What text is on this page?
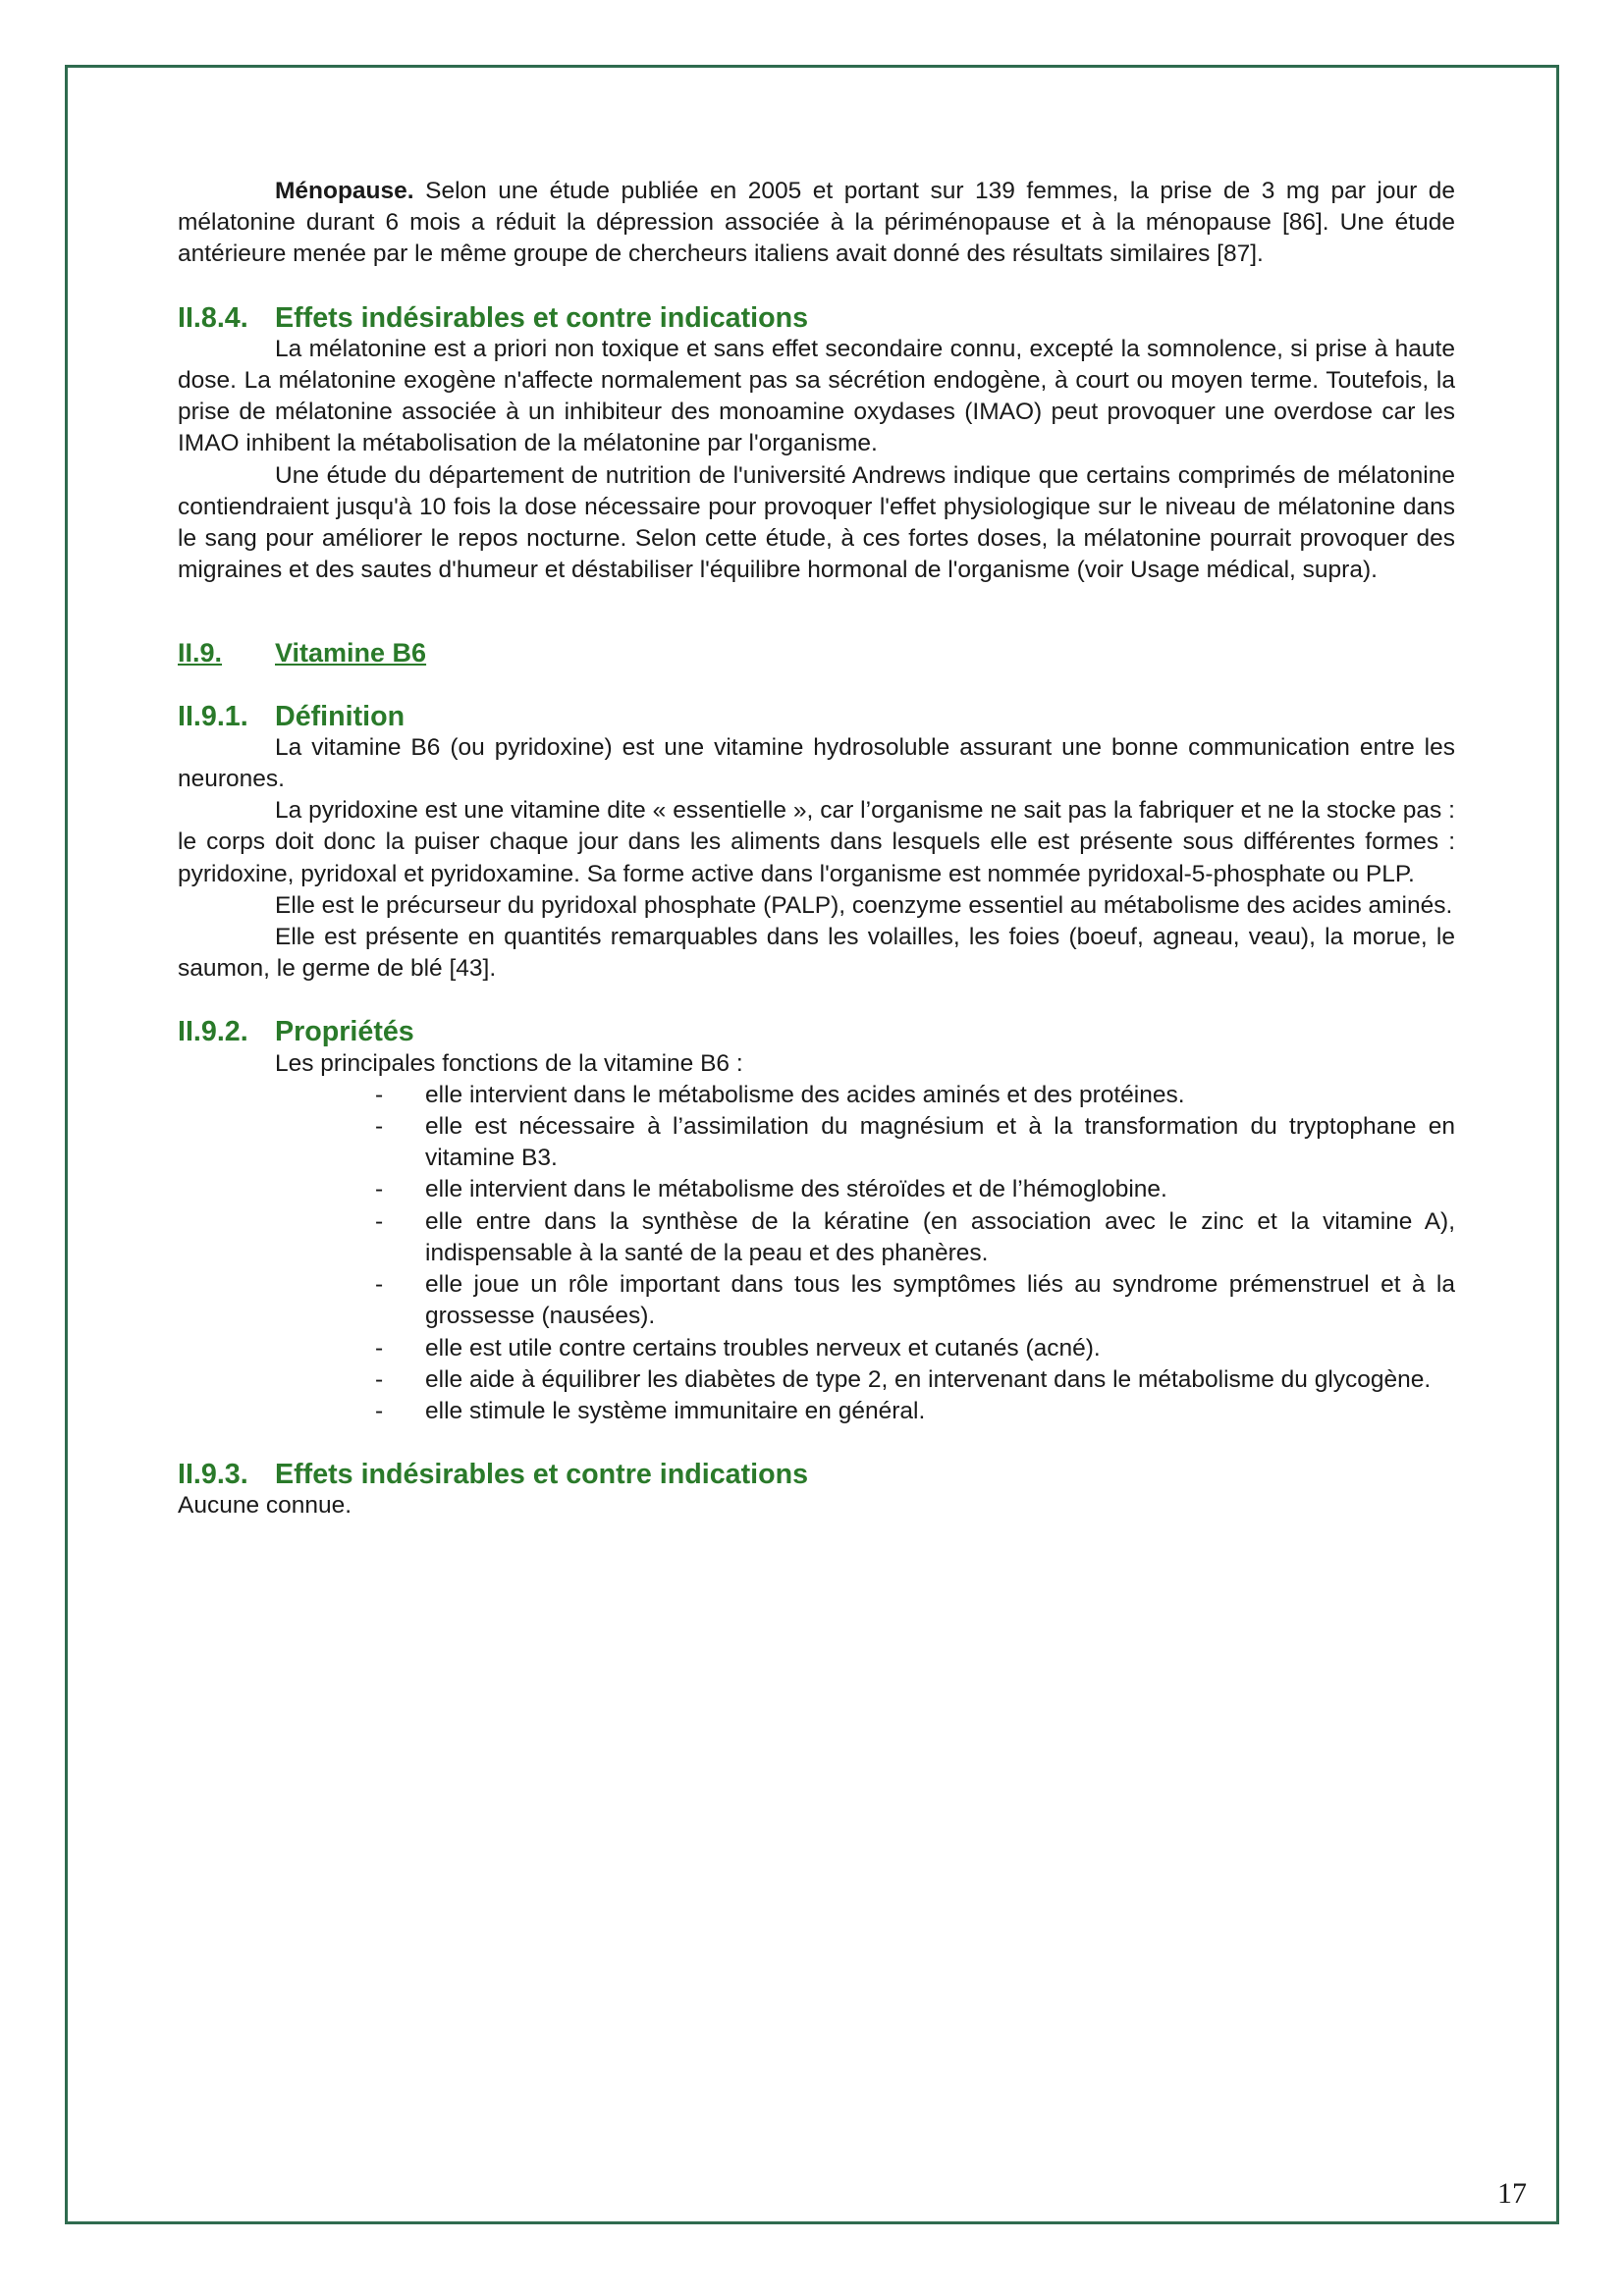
Ménopause. Selon une étude publiée en 2005 et portant sur 139 femmes, la prise de 3 mg par jour de mélatonine durant 6 mois a réduit la dépression associée à la périménopause et à la ménopause [86]. Une étude antérieure menée par le même groupe de chercheurs italiens avait donné des résultats similaires [87].

II.8.4. Effets indésirables et contre indications

La mélatonine est a priori non toxique et sans effet secondaire connu, excepté la somnolence, si prise à haute dose. La mélatonine exogène n'affecte normalement pas sa sécrétion endogène, à court ou moyen terme. Toutefois, la prise de mélatonine associée à un inhibiteur des monoamine oxydases (IMAO) peut provoquer une overdose car les IMAO inhibent la métabolisation de la mélatonine par l'organisme.

Une étude du département de nutrition de l'université Andrews indique que certains comprimés de mélatonine contiendraient jusqu'à 10 fois la dose nécessaire pour provoquer l'effet physiologique sur le niveau de mélatonine dans le sang pour améliorer le repos nocturne. Selon cette étude, à ces fortes doses, la mélatonine pourrait provoquer des migraines et des sautes d'humeur et déstabiliser l'équilibre hormonal de l'organisme (voir Usage médical, supra).

II.9. Vitamine B6
II.9.1. Définition

La vitamine B6 (ou pyridoxine) est une vitamine hydrosoluble assurant une bonne communication entre les neurones.

La pyridoxine est une vitamine dite « essentielle », car l’organisme ne sait pas la fabriquer et ne la stocke pas : le corps doit donc la puiser chaque jour dans les aliments dans lesquels elle est présente sous différentes formes : pyridoxine, pyridoxal et pyridoxamine. Sa forme active dans l'organisme est nommée pyridoxal-5-phosphate ou PLP.

Elle est le précurseur du pyridoxal phosphate (PALP), coenzyme essentiel au métabolisme des acides aminés.

Elle est présente en quantités remarquables dans les volailles, les foies (boeuf, agneau, veau), la morue, le saumon, le germe de blé [43].

II.9.2. Propriétés

Les principales fonctions de la vitamine B6 :

- elle intervient dans le métabolisme des acides aminés et des protéines.
- elle est nécessaire à l’assimilation du magnésium et à la transformation du tryptophane en vitamine B3.
- elle intervient dans le métabolisme des stéroïdes et de l’hémoglobine.
- elle entre dans la synthèse de la kératine (en association avec le zinc et la vitamine A), indispensable à la santé de la peau et des phanères.
- elle joue un rôle important dans tous les symptômes liés au syndrome prémenstruel et à la grossesse (nausées).
- elle est utile contre certains troubles nerveux et cutanés (acné).
- elle aide à équilibrer les diabètes de type 2, en intervenant dans le métabolisme du glycogène.
- elle stimule le système immunitaire en général.
II.9.3. Effets indésirables et contre indications

Aucune connue.

17
